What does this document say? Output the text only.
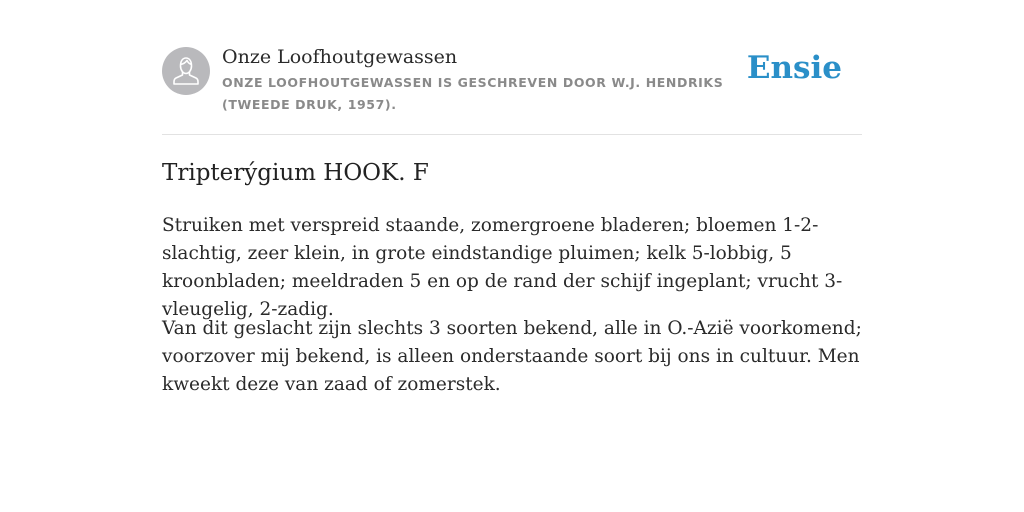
Onze Loofhoutgewassen
ONZE LOOFHOUTGEWASSEN IS GESCHREVEN DOOR W.J. HENDRIKS (TWEEDE DRUK, 1957).
Ensie
Tripterýgium HOOK. F

Struiken met verspreid staande, zomergroene bladeren; bloemen 1-2-slachtig, zeer klein, in grote eindstandige pluimen; kelk 5-lobbig, 5 kroonbladen; meeldraden 5 en op de rand der schijf ingeplant; vrucht 3-vleugelig, 2-zadig.

Van dit geslacht zijn slechts 3 soorten bekend, alle in O.-Azië voorkomend; voorzover mij bekend, is alleen onderstaande soort bij ons in cultuur. Men kweekt deze van zaad of zomerstek.
